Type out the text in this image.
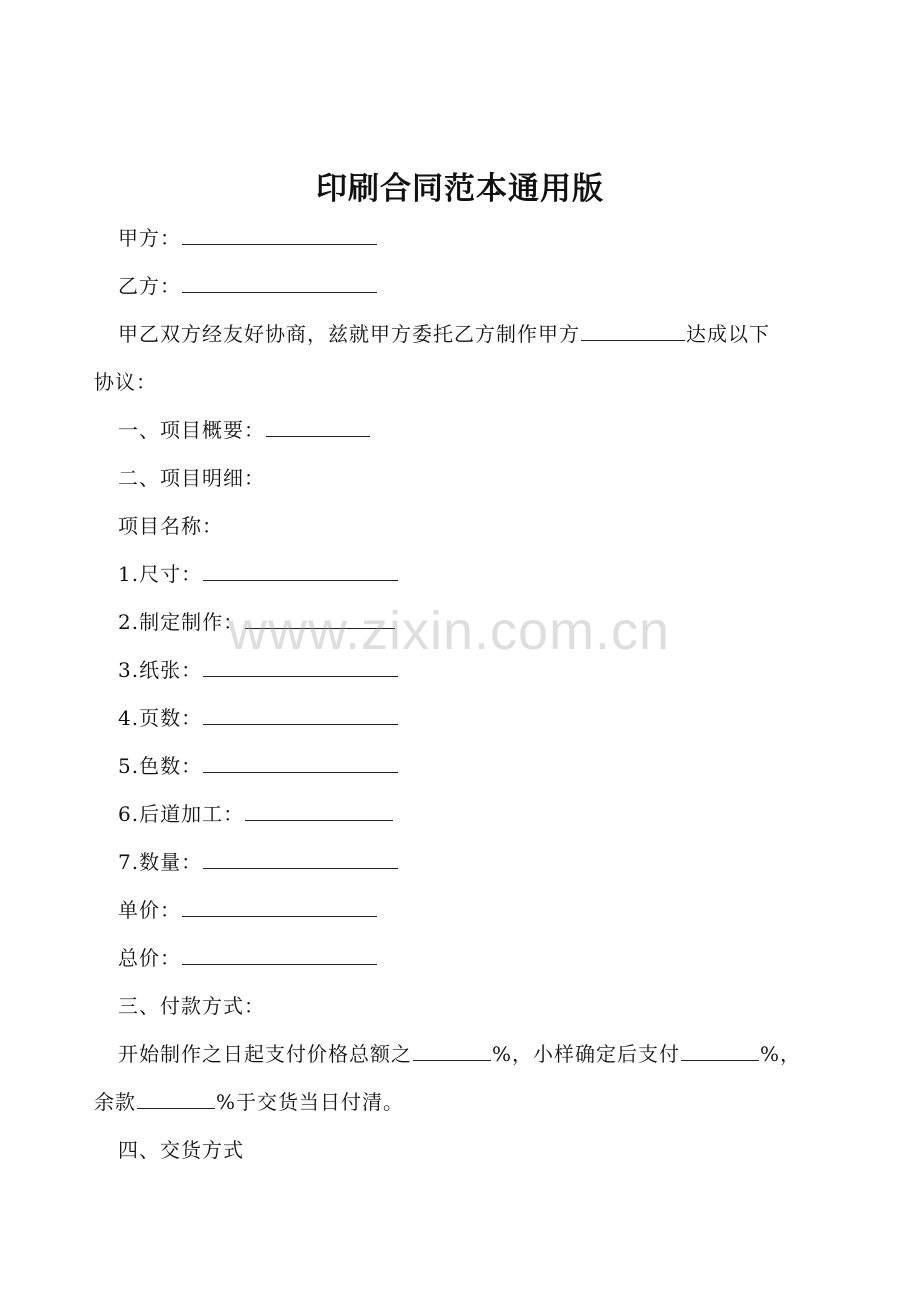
印刷合同范本通用版
甲方：
乙方：
甲乙双方经友好协商，兹就甲方委托乙方制作甲方	达成以下
协议：
一、项目概要：
二、项目明细：
项目名称：
1.尺寸：
2.制定制作：
3.纸张：
4.页数：
5.色数：
6.后道加工：
7.数量：
单价：
总价：
三、付款方式：
开始制作之日起支付价格总额之	%，小样确定后支付	%，
余款	%于交货当日付清。
四、交货方式
www.zixin.com.cn
